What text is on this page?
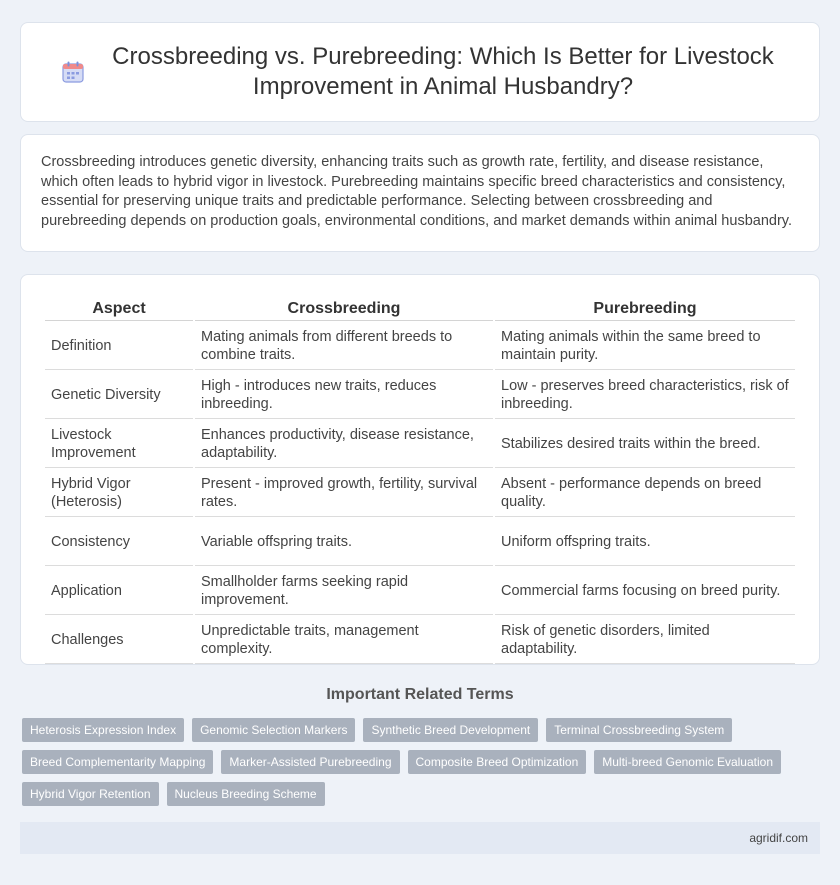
Crossbreeding vs. Purebreeding: Which Is Better for Livestock Improvement in Animal Husbandry?

Crossbreeding introduces genetic diversity, enhancing traits such as growth rate, fertility, and disease resistance, which often leads to hybrid vigor in livestock. Purebreeding maintains specific breed characteristics and consistency, essential for preserving unique traits and predictable performance. Selecting between crossbreeding and purebreeding depends on production goals, environmental conditions, and market demands within animal husbandry.

Aspect	Crossbreeding	Purebreeding
Definition	Mating animals from different breeds to combine traits.	Mating animals within the same breed to maintain purity.
Genetic Diversity	High - introduces new traits, reduces inbreeding.	Low - preserves breed characteristics, risk of inbreeding.
Livestock Improvement	Enhances productivity, disease resistance, adaptability.	Stabilizes desired traits within the breed.
Hybrid Vigor (Heterosis)	Present - improved growth, fertility, survival rates.	Absent - performance depends on breed quality.
Consistency	Variable offspring traits.	Uniform offspring traits.
Application	Smallholder farms seeking rapid improvement.	Commercial farms focusing on breed purity.
Challenges	Unpredictable traits, management complexity.	Risk of genetic disorders, limited adaptability.
Important Related Terms
Heterosis Expression Index	Genomic Selection Markers	Synthetic Breed Development	Terminal Crossbreeding System
Breed Complementarity Mapping	Marker-Assisted Purebreeding	Composite Breed Optimization	Multi-breed Genomic Evaluation
Hybrid Vigor Retention	Nucleus Breeding Scheme
agridif.com
